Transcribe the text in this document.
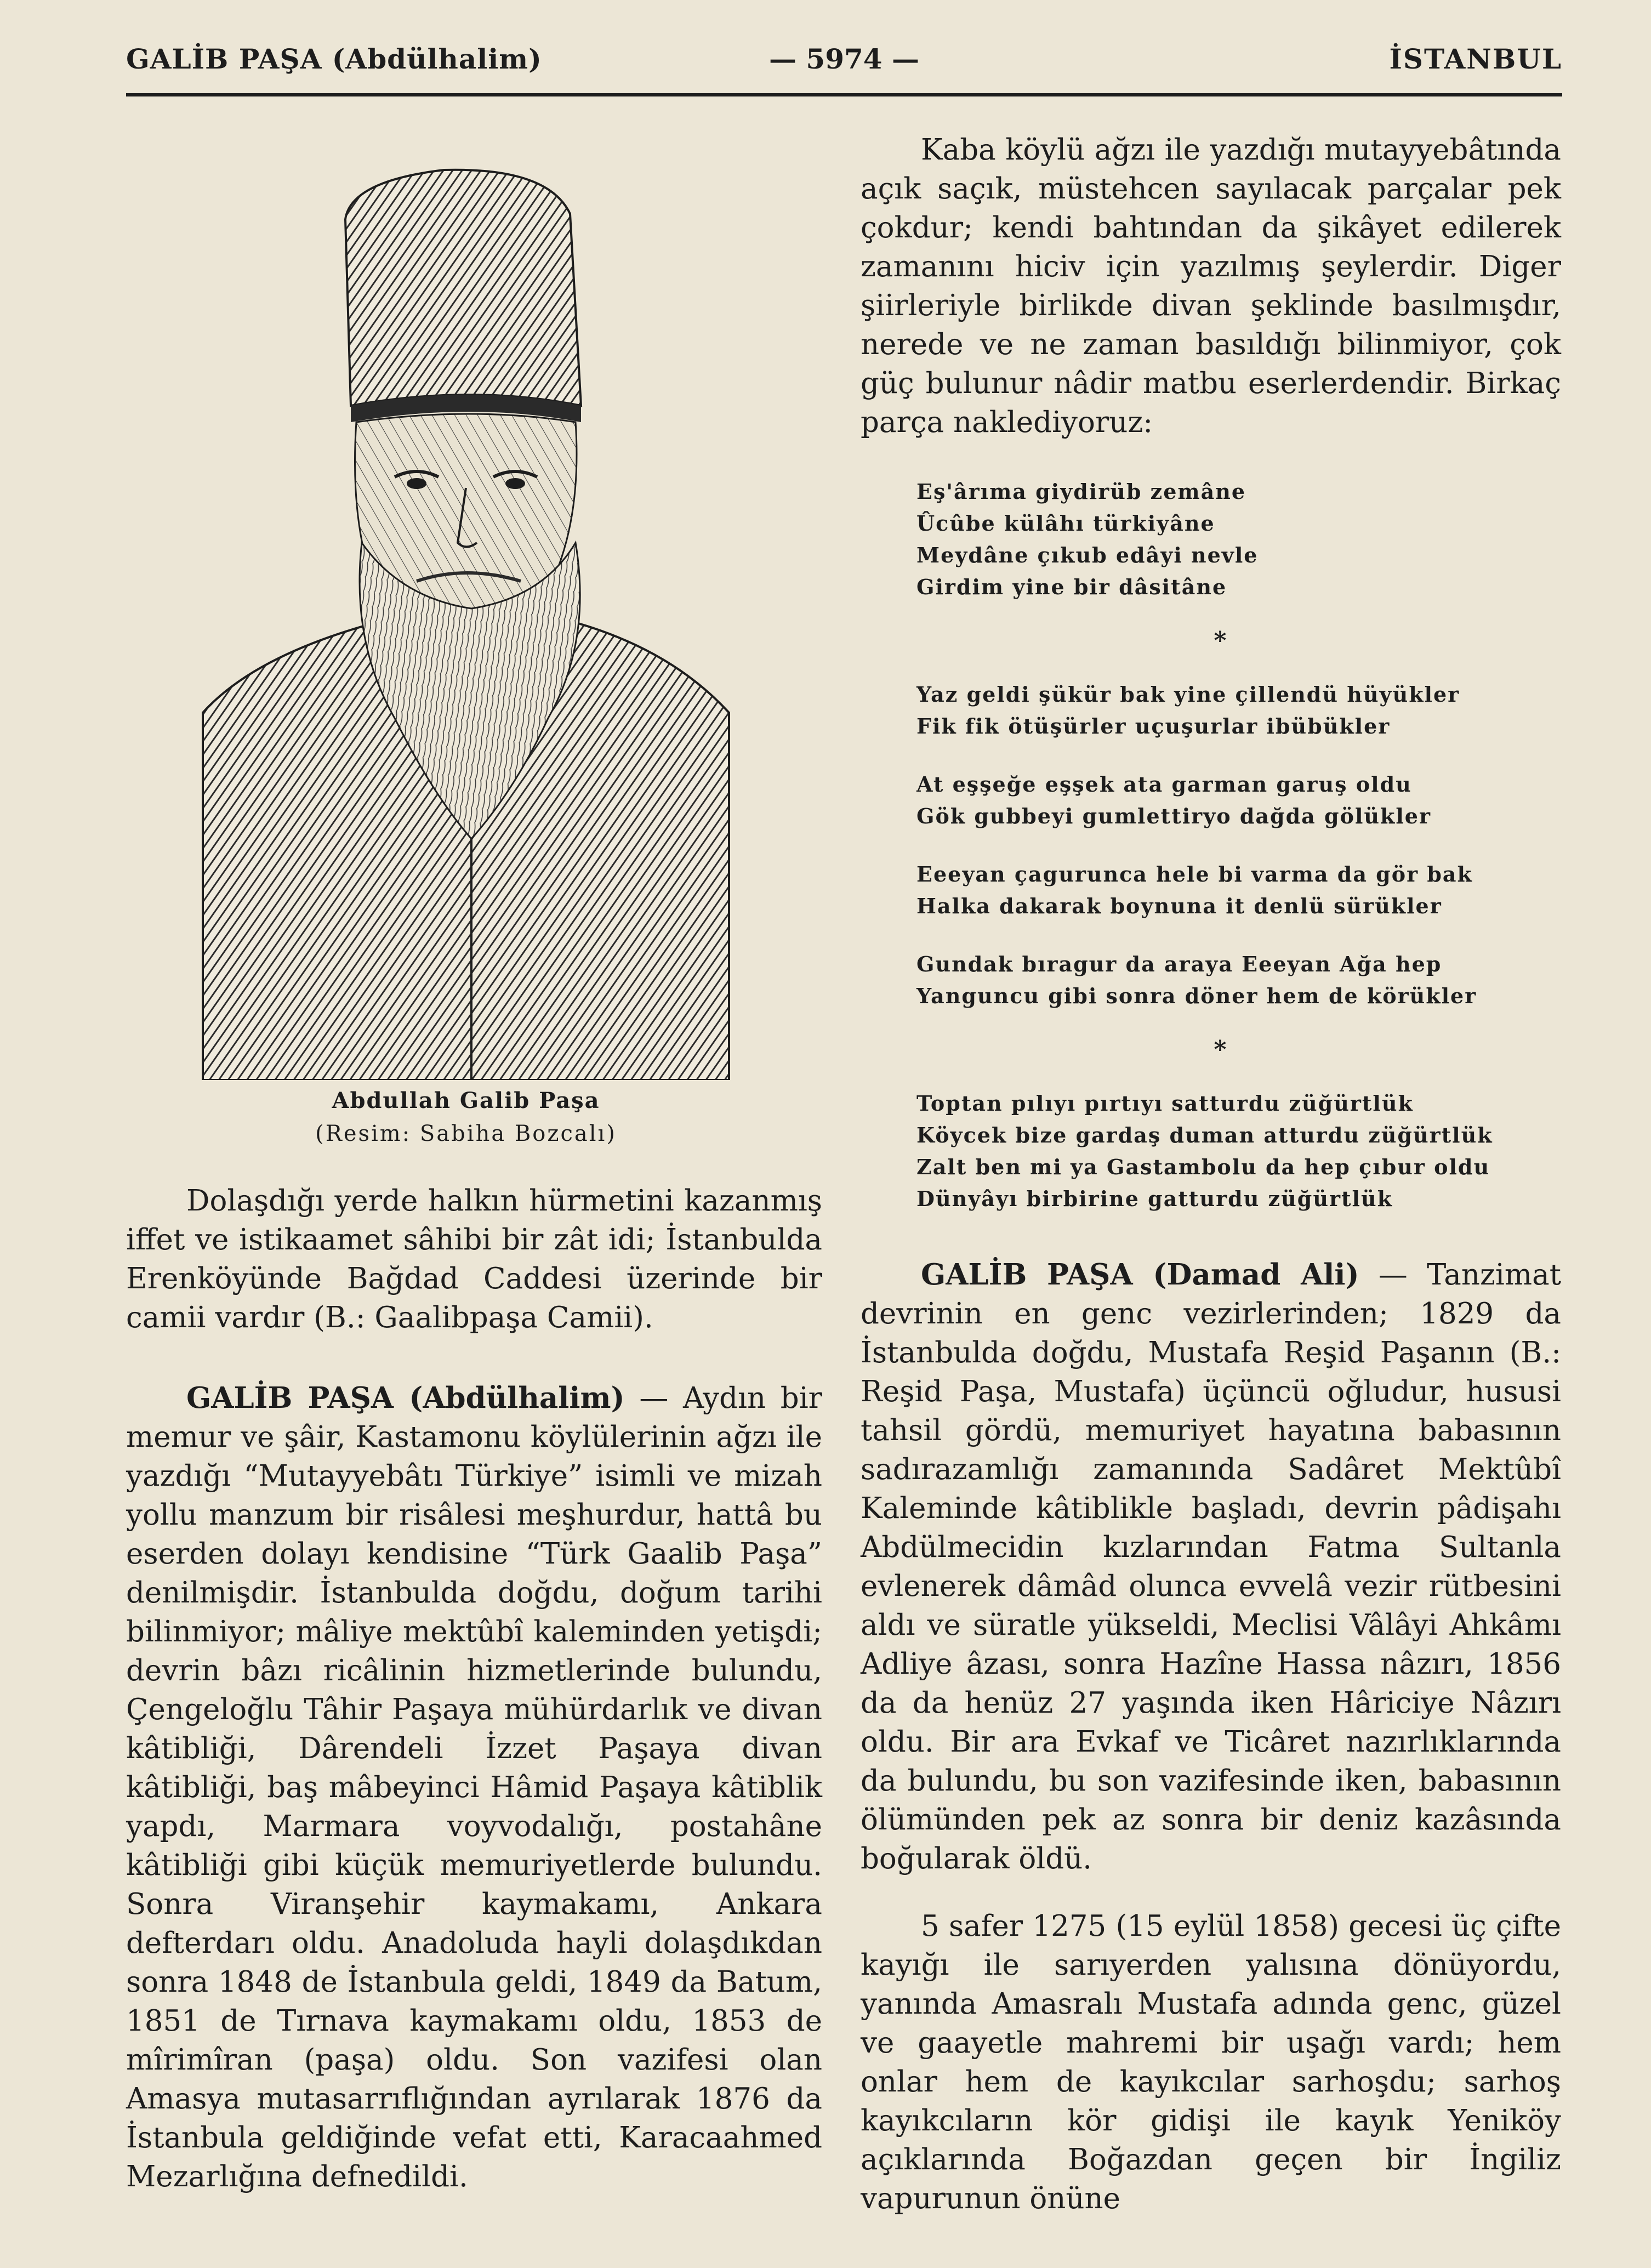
GALİB PAŞA (Abdülhalim)	— 5974 —	İSTANBUL
Abdullah Galib Paşa
(Resim: Sabiha Bozcalı)

Dolaşdığı yerde halkın hürmetini kazanmış iffet ve istikaamet sâhibi bir zât idi; İstanbulda Erenköyünde Bağdad Caddesi üzerinde bir camii vardır (B.: Gaalibpaşa Camii).

GALİB PAŞA (Abdülhalim) — Aydın bir memur ve şâir, Kastamonu köylülerinin ağzı ile yazdığı “Mutayyebâtı Türkiye” isimli ve mizah yollu manzum bir risâlesi meşhurdur, hattâ bu eserden dolayı kendisine “Türk Gaalib Paşa” denilmişdir. İstanbulda doğdu, doğum tarihi bilinmiyor; mâliye mektûbî kaleminden yetişdi; devrin bâzı ricâlinin hizmetlerinde bulundu, Çengeloğlu Tâhir Paşaya mühürdarlık ve divan kâtibliği, Dârendeli İzzet Paşaya divan kâtibliği, baş mâbeyinci Hâmid Paşaya kâtiblik yapdı, Marmara voyvodalığı, postahâne kâtibliği gibi küçük memuriyetlerde bulundu. Sonra Viranşehir kaymakamı, Ankara defterdarı oldu. Anadoluda hayli dolaşdıkdan sonra 1848 de İstanbula geldi, 1849 da Batum, 1851 de Tırnava kaymakamı oldu, 1853 de mîrimîran (paşa) oldu. Son vazifesi olan Amasya mutasarrıflığından ayrılarak 1876 da İstanbula geldiğinde vefat etti, Karacaahmed Mezarlığına defnedildi.

Kaba köylü ağzı ile yazdığı mutayyebâtında açık saçık, müstehcen sayılacak parçalar pek çokdur; kendi bahtından da şikâyet edilerek zamanını hiciv için yazılmış şeylerdir. Diger şiirleriyle birlikde divan şeklinde basılmışdır, nerede ve ne zaman basıldığı bilinmiyor, çok güç bulunur nâdir matbu eserlerdendir. Birkaç parça naklediyoruz:

Eş'ârıma giydirüb zemâne
Ûcûbe külâhı türkiyâne
Meydâne çıkub edâyi nevle
Girdim yine bir dâsitâne
*
Yaz geldi şükür bak yine çillendü hüyükler
Fik fik ötüşürler uçuşurlar ibübükler
At eşşeğe eşşek ata garman garuş oldu
Gök gubbeyi gumlettiryo dağda gölükler
Eeeyan çagurunca hele bi varma da gör bak
Halka dakarak boynuna it denlü sürükler
Gundak bıragur da araya Eeeyan Ağa hep
Yanguncu gibi sonra döner hem de körükler
*
Toptan pılıyı pırtıyı satturdu züğürtlük
Köycek bize gardaş duman atturdu züğürtlük
Zalt ben mi ya Gastambolu da hep çıbur oldu
Dünyâyı birbirine gatturdu züğürtlük

GALİB PAŞA (Damad Ali) — Tanzimat devrinin en genc vezirlerinden; 1829 da İstanbulda doğdu, Mustafa Reşid Paşanın (B.: Reşid Paşa, Mustafa) üçüncü oğludur, hususi tahsil gördü, memuriyet hayatına babasının sadırazamlığı zamanında Sadâret Mektûbî Kaleminde kâtiblikle başladı, devrin pâdişahı Abdülmecidin kızlarından Fatma Sultanla evlenerek dâmâd olunca evvelâ vezir rütbesini aldı ve süratle yükseldi, Meclisi Vâlâyi Ahkâmı Adliye âzası, sonra Hazîne Hassa nâzırı, 1856 da da henüz 27 yaşında iken Hâriciye Nâzırı oldu. Bir ara Evkaf ve Ticâret nazırlıklarında da bulundu, bu son vazifesinde iken, babasının ölümünden pek az sonra bir deniz kazâsında boğularak öldü.

5 safer 1275 (15 eylül 1858) gecesi üç çifte kayığı ile sarıyerden yalısına dönüyordu, yanında Amasralı Mustafa adında genc, güzel ve gaayetle mahremi bir uşağı vardı; hem onlar hem de kayıkcılar sarhoşdu; sarhoş kayıkcıların kör gidişi ile kayık Yeniköy açıklarında Boğazdan geçen bir İngiliz vapurunun önüne
